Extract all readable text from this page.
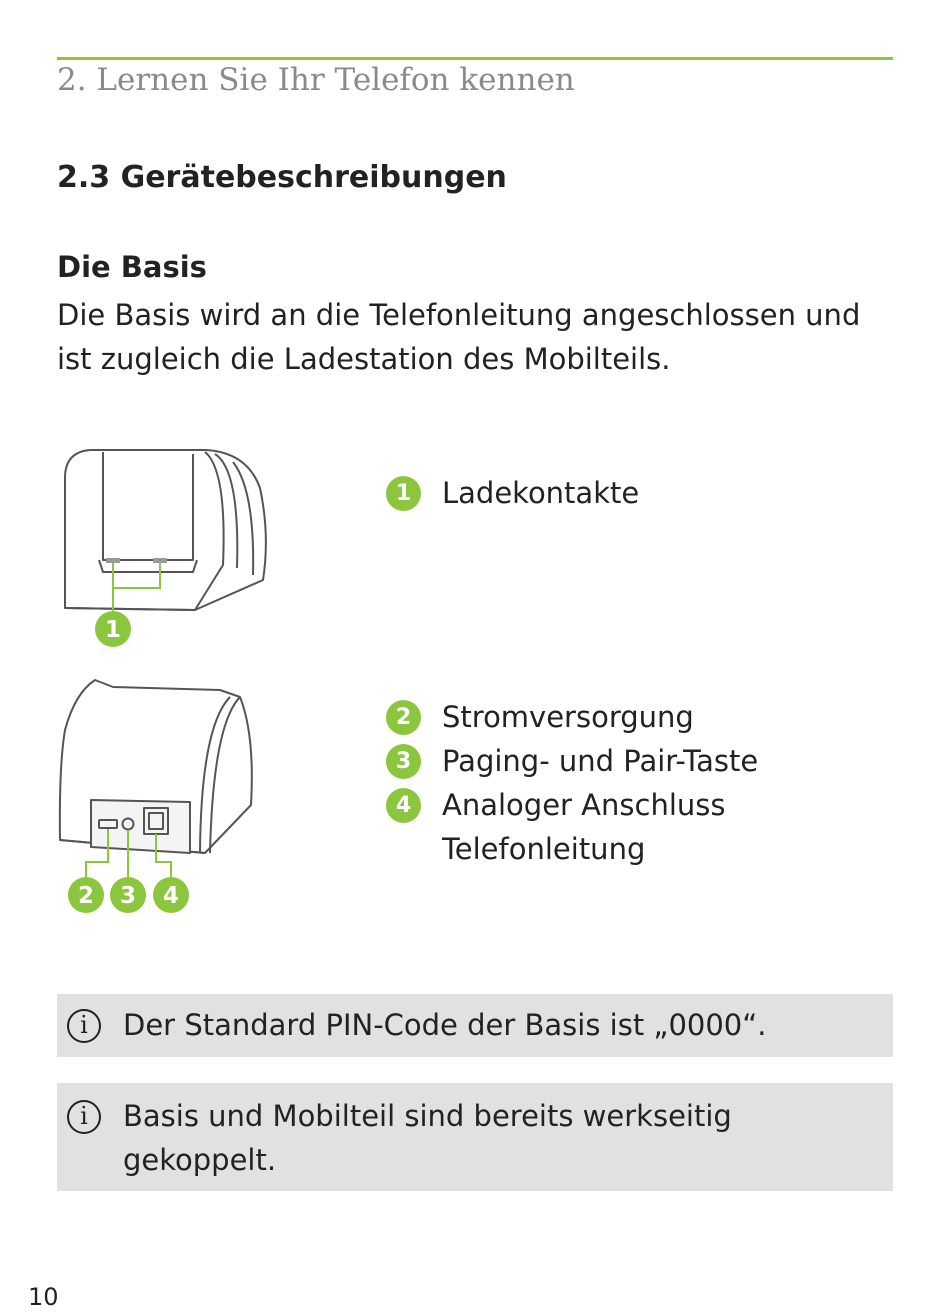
2. Lernen Sie Ihr Telefon kennen
2.3 Gerätebeschreibungen
Die Basis
Die Basis wird an die Telefonleitung angeschlossen und ist zugleich die Ladestation des Mobilteils.
1
2 3 4
1	Ladekontakte
2	Stromversorgung
3	Paging- und Pair-Taste
4	Analoger Anschluss
Telefonleitung
i	Der Standard PIN-Code der Basis ist „0000“.
i	Basis und Mobilteil sind bereits werkseitig gekoppelt.
10
